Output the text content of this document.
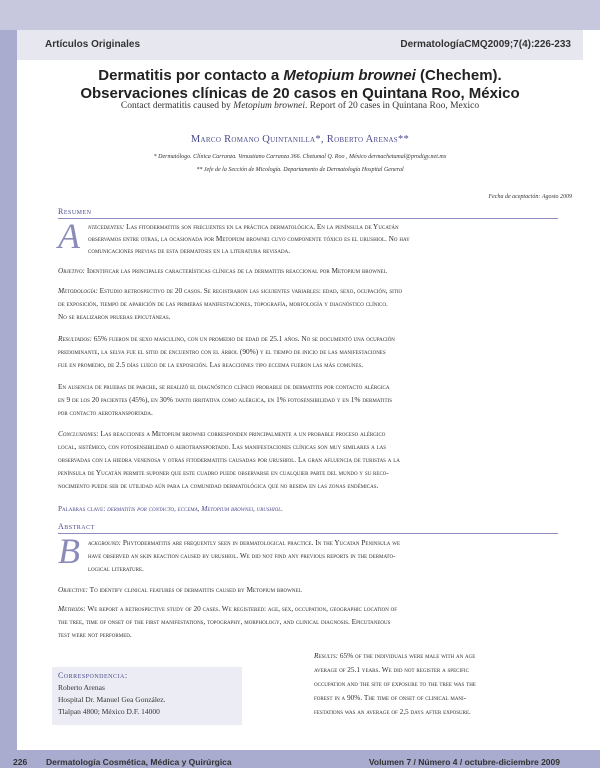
Artículos Originales	DermatologíaCMQ2009;7(4):226-233
Dermatitis por contacto a Metopium brownei (Chechem).
Observaciones clínicas de 20 casos en Quintana Roo, México
Contact dermatitis caused by Metopium brownei. Report of 20 cases in Quintana Roo, Mexico
Marco Romano Quintanilla*, Roberto Arenas**
* Dermatólogo. Clínica Carranza. Venustiano Carranza 366. Chetumal Q. Roo , México dermachetumal@prodigy.net.mx
** Jefe de la Sección de Micología. Departamento de Dermatología Hospital General
Fecha de aceptación: Agosto 2009
Resumen
A ntecedentes: Las fitodermatitis son frecuentes en la práctica dermatológica. En la península de Yucatán
observamos entre otras, la ocasionada por Metopium brownei cuyo componente tóxico es el urushiol. No hay
comunicaciones previas de esta dermatosis en la literatura revisada.
Objetivo: Identificar las principales características clínicas de la dermatitis reaccional por Metopium brownei.
Metodología: Estudio retrospectivo de 20 casos. Se registraron las siguientes variables: edad, sexo, ocupación, sitio
de exposición, tiempo de aparición de las primeras manifestaciones, topografía, morfología y diagnóstico clínico.
No se realizaron pruebas epicutáneas.
Resultados: 65% fueron de sexo masculino, con un promedio de edad de 25.1 años. No se documentó una ocupación
predominante, la selva fue el sitio de encuentro con el árbol (90%) y el tiempo de inicio de las manifestaciones
fue en promedio, de 2.5 días luego de la exposición. Las reacciones tipo eccema fueron las más comunes.
En ausencia de pruebas de parche, se realizó el diagnóstico clínico probable de dermatitis por contacto alérgica
en 9 de los 20 pacientes (45%), en 30% tanto irritativa como alérgica, en 1% fotosensibilidad y en 1% dermatitis
por contacto aerotransportada.
Conclusiones: Las reacciones a Metopium brownei corresponden principalmente a un probable proceso alérgico
local, sistémico, con fotosensibilidad o aerotransportado. Las manifestaciones clínicas son muy similares a las
observadas con la hiedra venenosa y otras fitodermatitis causadas por urushiol. La gran afluencia de turistas a la
península de Yucatán permite suponer que este cuadro puede observarse en cualquier parte del mundo y su reco-
nocimiento puede ser de utilidad aún para la comunidad dermatológica que no resida en las zonas endémicas.
Palabras clave: dermatitis por contacto, eccema, Metopium brownei, urushiol.
Abstract
B ackground: Phytodermatitis are frequently seen in dermatological practice. In the Yucatan Peninsula we
have observed an skin reaction caused by urushiol. We did not find any previous reports in the dermato-
logical literature.
Objective: To identify clinical features of dermatitis caused by Metopium brownei.
Methods: We report a retrospective study of 20 cases. We registered: age, sex, occupation, geographic location of
the tree, time of onset of the first manifestations, topography, morphology, and clinical diagnosis. Epicutaneous
test were not performed.
Results: 65% of the individuals were male with an age
average of 25.1 years. We did not register a specific
occupation and the site of exposure to the tree was the
forest in a 90%. The time of onset of clinical mani-
festations was an average of 2,5 days after exposure.
Correspondencia:
Roberto Arenas
Hospital Dr. Manuel Gea González.
Tlalpan 4800; México D.F. 14000
226 Dermatología Cosmética, Médica y Quirúrgica	Volumen 7 / Número 4 / octubre-diciembre 2009
